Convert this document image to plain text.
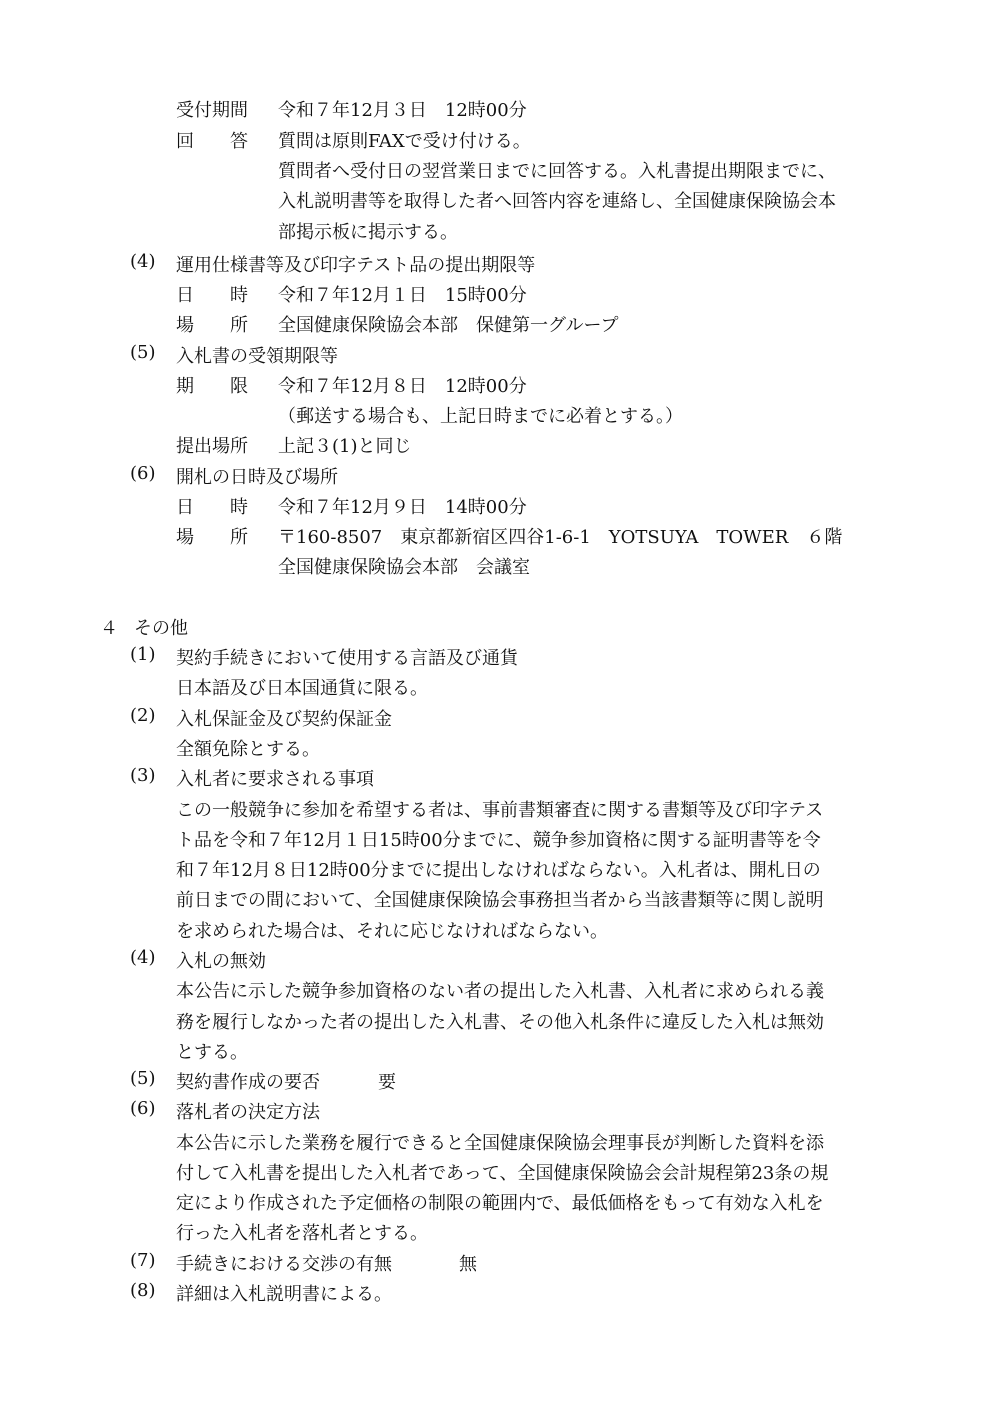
受付期間 令和７年12月３日　12時00分
回　　答 質問は原則FAXで受け付ける。
質問者へ受付日の翌営業日までに回答する。入札書提出期限までに、
入札説明書等を取得した者へ回答内容を連絡し、全国健康保険協会本
部掲示板に掲示する。
(4) 運用仕様書等及び印字テスト品の提出期限等
日　　時 令和７年12月１日　15時00分
場　　所 全国健康保険協会本部　保健第一グループ
(5) 入札書の受領期限等
期　　限 令和７年12月８日　12時00分
（郵送する場合も、上記日時までに必着とする。）
提出場所 上記３(1)と同じ
(6) 開札の日時及び場所
日　　時 令和７年12月９日　14時00分
場　　所 〒160-8507　東京都新宿区四谷1-6-1　YOTSUYA　TOWER　６階
全国健康保険協会本部　会議室
４ その他
(1) 契約手続きにおいて使用する言語及び通貨
日本語及び日本国通貨に限る。
(2) 入札保証金及び契約保証金
全額免除とする。
(3) 入札者に要求される事項
この一般競争に参加を希望する者は、事前書類審査に関する書類等及び印字テス
ト品を令和７年12月１日15時00分までに、競争参加資格に関する証明書等を令
和７年12月８日12時00分までに提出しなければならない。入札者は、開札日の
前日までの間において、全国健康保険協会事務担当者から当該書類等に関し説明
を求められた場合は、それに応じなければならない。
(4) 入札の無効
本公告に示した競争参加資格のない者の提出した入札書、入札者に求められる義
務を履行しなかった者の提出した入札書、その他入札条件に違反した入札は無効
とする。
(5) 契約書作成の要否	要
(6) 落札者の決定方法
本公告に示した業務を履行できると全国健康保険協会理事長が判断した資料を添
付して入札書を提出した入札者であって、全国健康保険協会会計規程第23条の規
定により作成された予定価格の制限の範囲内で、最低価格をもって有効な入札を
行った入札者を落札者とする。
(7) 手続きにおける交渉の有無	無
(8) 詳細は入札説明書による。
